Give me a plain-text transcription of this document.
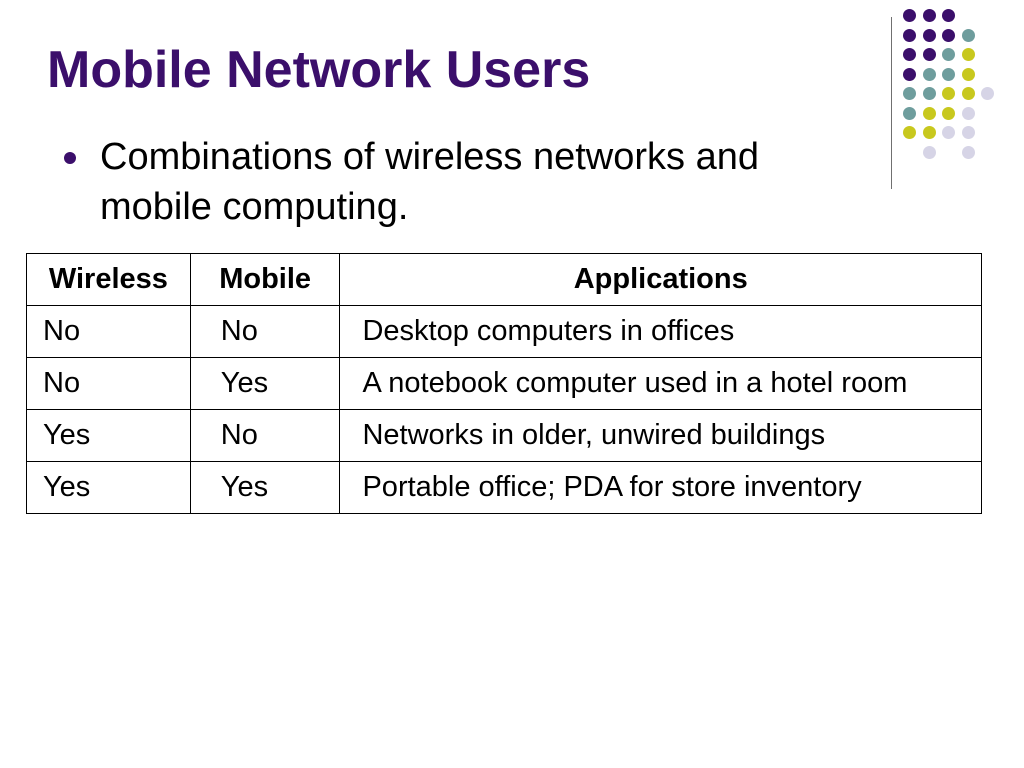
Mobile Network Users
Combinations of wireless networks and mobile computing.
Wireless	Mobile	Applications
No	No	Desktop computers in offices
No	Yes	A notebook computer used in a hotel room
Yes	No	Networks in older, unwired buildings
Yes	Yes	Portable office; PDA for store inventory
